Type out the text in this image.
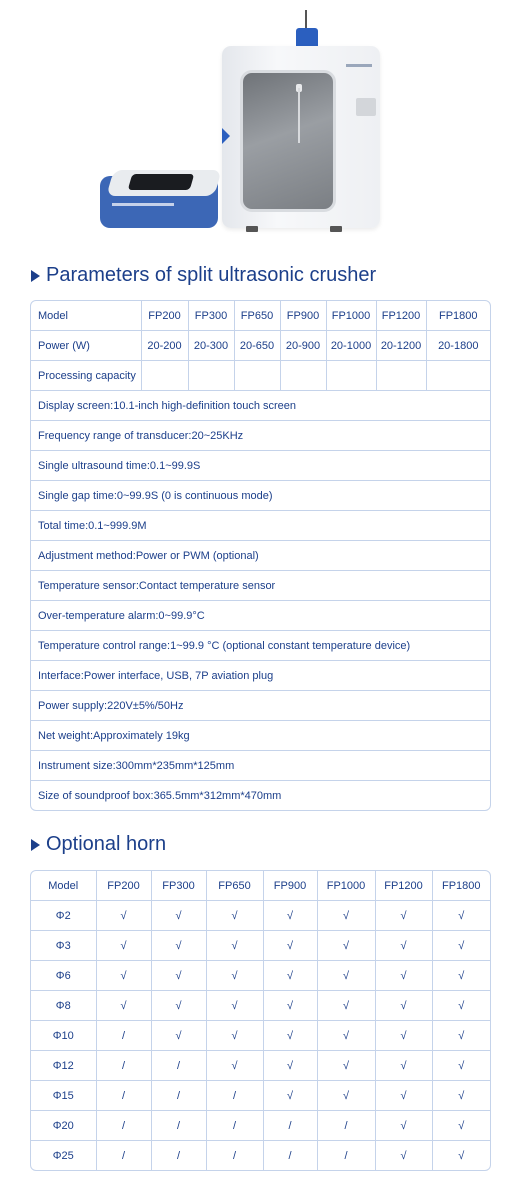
Parameters of split ultrasonic crusher
Model	FP200	FP300	FP650	FP900	FP1000	FP1200	FP1800
Power (W)	20-200	20-300	20-650	20-900	20-1000	20-1200	20-1800
Processing capacity							
Display screen:10.1-inch high-definition touch screen							
Frequency range of transducer:20~25KHz							
Single ultrasound time:0.1~99.9S							
Single gap time:0~99.9S (0 is continuous mode)							
Total time:0.1~999.9M							
Adjustment method:Power or PWM (optional)							
Temperature sensor:Contact temperature sensor							
Over-temperature alarm:0~99.9°C							
Temperature control range:1~99.9 °C (optional constant temperature device)							
Interface:Power interface, USB, 7P aviation plug							
Power supply:220V±5%/50Hz							
Net weight:Approximately 19kg							
Instrument size:300mm*235mm*125mm							
Size of soundproof box:365.5mm*312mm*470mm							
Optional horn
Model	FP200	FP300	FP650	FP900	FP1000	FP1200	FP1800
Φ2	√	√	√	√	√	√	√
Φ3	√	√	√	√	√	√	√
Φ6	√	√	√	√	√	√	√
Φ8	√	√	√	√	√	√	√
Φ10	/	√	√	√	√	√	√
Φ12	/	/	√	√	√	√	√
Φ15	/	/	/	√	√	√	√
Φ20	/	/	/	/	/	√	√
Φ25	/	/	/	/	/	√	√
